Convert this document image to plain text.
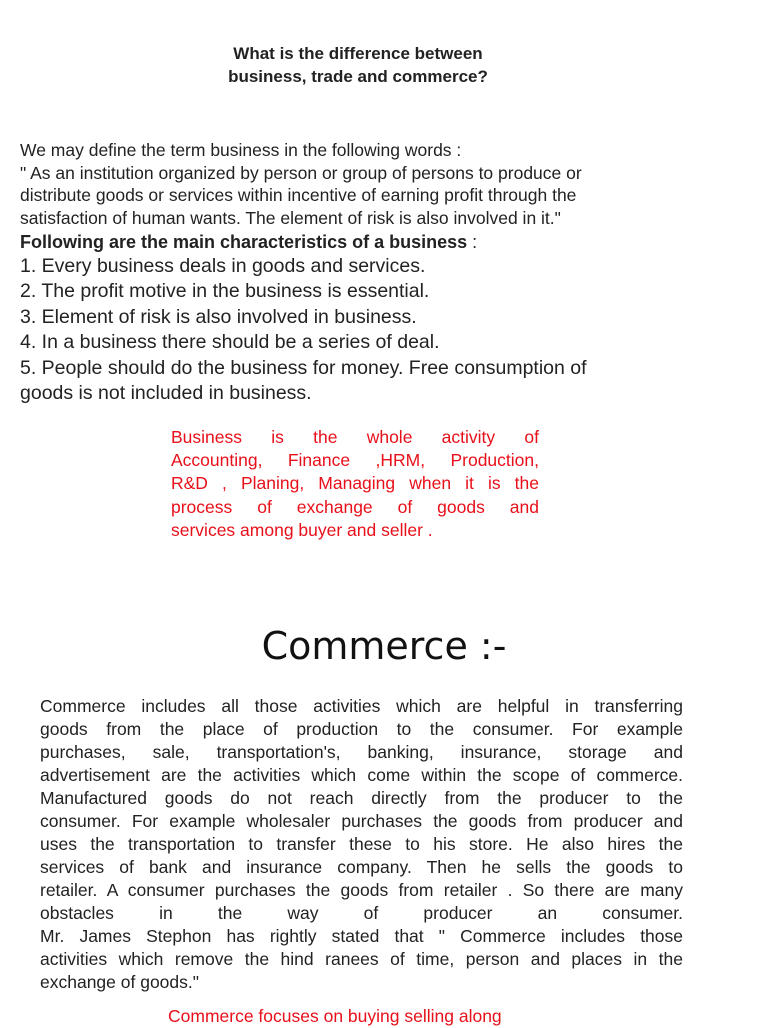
What is the difference between
business, trade and commerce?
We may define the term business in the following words :
" As an institution organized by person or group of persons to produce or
distribute goods or services within incentive of earning profit through the
satisfaction of human wants. The element of risk is also involved in it."
Following are the main characteristics of a business :
1. Every business deals in goods and services.
2. The profit motive in the business is essential.
3. Element of risk is also involved in business.
4. In a business there should be a series of deal.
5. People should do the business for money. Free consumption of
goods is not included in business.
Business is the whole activity of
Accounting, Finance ,HRM, Production,
R&D , Planing, Managing when it is the
process of exchange of goods and
services among buyer and seller .
Commerce :-
Commerce includes all those activities which are helpful in transferring
goods from the place of production to the consumer. For example
purchases, sale, transportation's, banking, insurance, storage and
advertisement are the activities which come within the scope of commerce.
Manufactured goods do not reach directly from the producer to the
consumer. For example wholesaler purchases the goods from producer and
uses the transportation to transfer these to his store. He also hires the
services of bank and insurance company. Then he sells the goods to
retailer. A consumer purchases the goods from retailer . So there are many
obstacles in the way of producer an consumer.
Mr. James Stephon has rightly stated that " Commerce includes those
activities which remove the hind ranees of time, person and places in the
exchange of goods."
Commerce focuses on buying selling along
